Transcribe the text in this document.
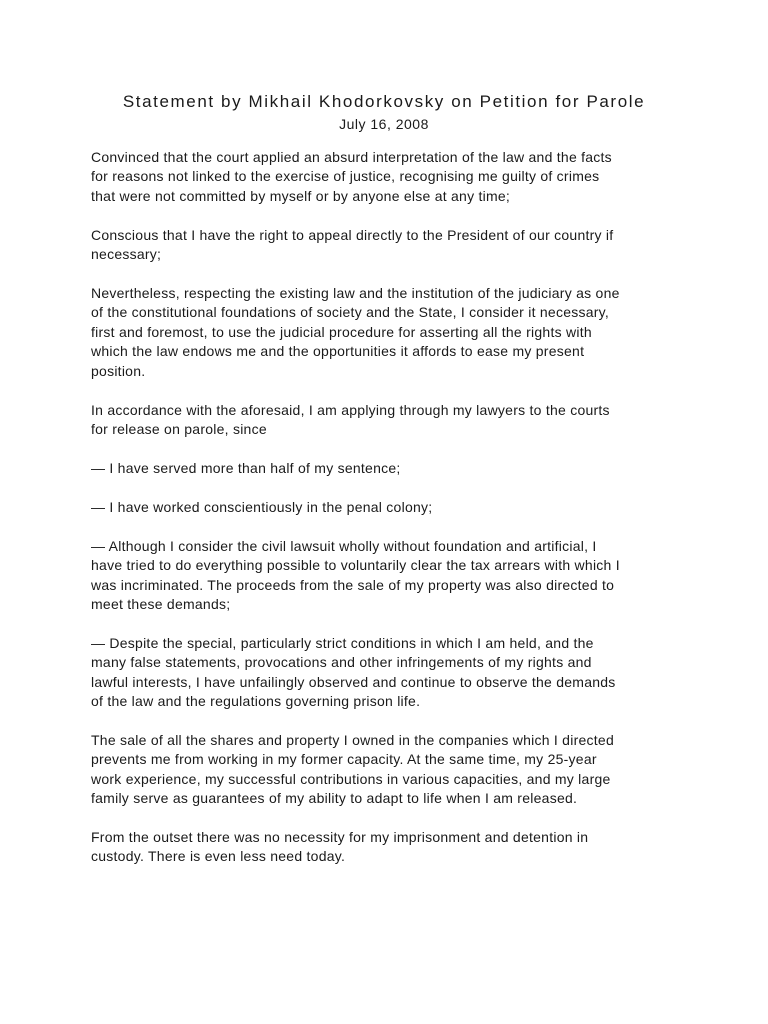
Statement by Mikhail Khodorkovsky on Petition for Parole

July 16, 2008

Convinced that the court applied an absurd interpretation of the law and the facts
for reasons not linked to the exercise of justice, recognising me guilty of crimes
that were not committed by myself or by anyone else at any time;

Conscious that I have the right to appeal directly to the President of our country if
necessary;

Nevertheless, respecting the existing law and the institution of the judiciary as one
of the constitutional foundations of society and the State, I consider it necessary,
first and foremost, to use the judicial procedure for asserting all the rights with
which the law endows me and the opportunities it affords to ease my present
position.

In accordance with the aforesaid, I am applying through my lawyers to the courts
for release on parole, since

— I have served more than half of my sentence;

— I have worked conscientiously in the penal colony;

— Although I consider the civil lawsuit wholly without foundation and artificial, I
have tried to do everything possible to voluntarily clear the tax arrears with which I
was incriminated. The proceeds from the sale of my property was also directed to
meet these demands;

— Despite the special, particularly strict conditions in which I am held, and the
many false statements, provocations and other infringements of my rights and
lawful interests, I have unfailingly observed and continue to observe the demands
of the law and the regulations governing prison life.

The sale of all the shares and property I owned in the companies which I directed
prevents me from working in my former capacity. At the same time, my 25-year
work experience, my successful contributions in various capacities, and my large
family serve as guarantees of my ability to adapt to life when I am released.

From the outset there was no necessity for my imprisonment and detention in
custody. There is even less need today.
